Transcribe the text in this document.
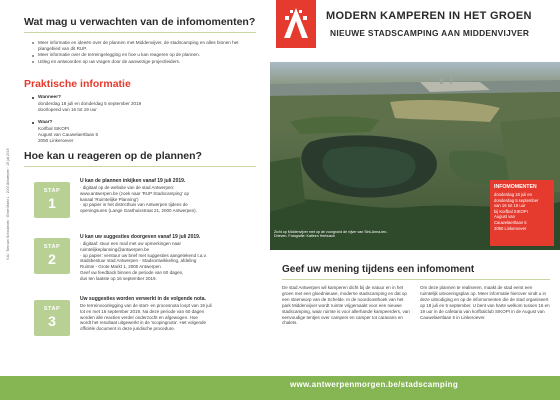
Wat mag u verwachten van de infomomenten?
Meer informatie en ideeën over de plannen met Middenvijver, de stadscamping en alles binnen het plangebied van dit RUP.
Meer informatie over de terreingelegging en hoe u kan reageren op de plannen.
Uitleg en antwoorden op uw vragen door de aanwezige projectleiders.
Praktische informatie
Wanneer?
donderdag 18 juli en donderdag 5 september 2019
doorlopend van 16 tot 19 uur
Waar?
Korfbal SIKOPI
August van Cauwelaertlaan 5
2050 Linkeroever
Hoe kan u reageren op de plannen?
STAP
1
U kan de plannen inkijken vanaf 19 juli 2019.
· digitaal op de website van de stad Antwerpen:
www.antwerpen.be (zoek naar 'RUP Stadscamping' op
kanaal 'Ruimtelijke Planning')
· op papier in het districthuis van Antwerpen tijdens de
openingsuren (Lange Gasthuisstraat 21, 2000 Antwerpen).
STAP
2
U kan uw suggesties doorgeven vanaf 19 juli 2019.
· digitaal: stuur een mail met uw opmerkingen naar
ruimtelijkeplanning@antwerpen.be
· op papier: verstuur uw brief met suggesties aangetekend t.a.v.
stadsbestuur stad Antwerpen - Stadsontwikkeling, afdeling
Ruimte - Grote Markt 1, 2000 Antwerpen
Geef uw feedback binnen de periode van 60 dagen,
dus ten laatste op 16 september 2019.
STAP
3
Uw suggesties worden verwerkt in de volgende nota.
De terreinvoorlegging van de start- en procesnota loopt van 19 juli
tot en met 16 september 2019. Na deze periode van 60 dagen
worden alle reacties verder onderzocht en afgewogen. Hoe
wordt het resultaat uitgewerkt in de 'scopingnota'. Het volgende
officiële document in deze juridische procedure.
V.U.: Tom van Schoubroek · Grote Markt 1 · 2000 Antwerpen · 15 juli 2019
MODERN KAMPEREN IN HET GROEN
NIEUWE STADSCAMPING AAN MIDDENVIJVER
Zicht op Middenvijver met op de voorgrond de vijver van Sint-Anna-ten-Drieven. Fotografie: Katleen Herbusch
INFOMOMENTEN
donderdag 18 juli en
donderdag 5 september
van 16 tot 19 uur
bij Korfbal SIKOPI
August van
Cauwelaertlaan 5
2050 Linkeroever
Geef uw mening tijdens een infomoment
De stad Antwerpen wil kamperen dicht bij de natuur en in het groen met een gloednieuwe, moderne stadscamping en dat op een steenworp van de Schelde. In de noordoosthoek van het park Middenvijver wordt ruimte vrijgemaakt voor een nieuwe stadscamping, waar ruimte is voor allerhande kampeerders, van eenvoudige tentjes over campers en camper tot caravans en chalets.
Om deze plannen te realiseren, maakt de stad eerst een ruimtelijk uitvoeringsplan op. Meer informatie hierover vindt u in deze uitnodiging en op de infomomenten die de stad organiseert op 18 juli en 5 september. U bent van harte welkom tussen 16 en 19 uur in de cafetaria van korfbalclub SIKOPI in de August van Cauwelaertlaan 5 in Linkeroever.
www.antwerpenmorgen.be/stadscamping
